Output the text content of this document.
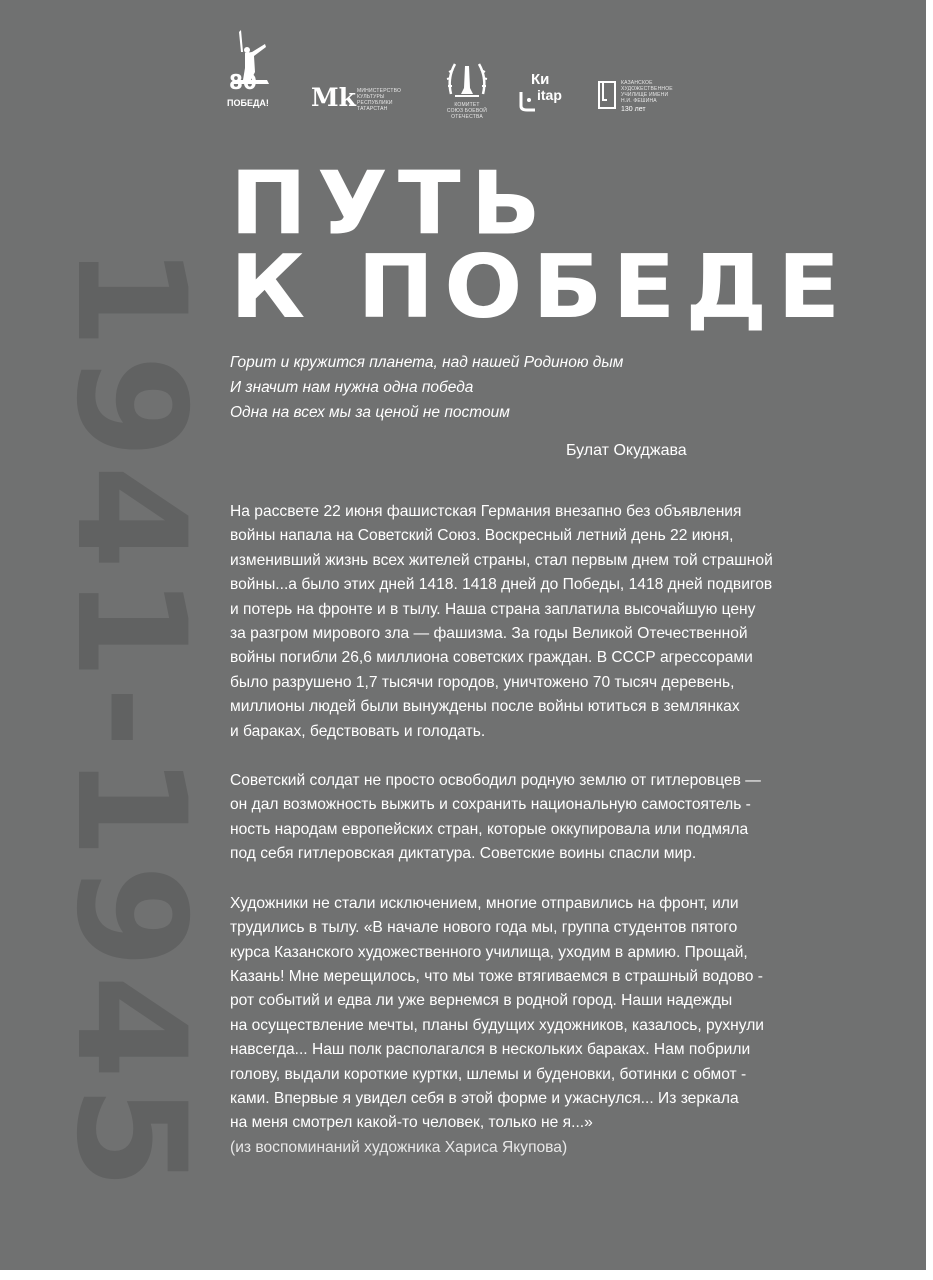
1941-1945
80
ПОБЕДА! Mk МИНИСТЕРСТВО
КУЛЬТУРЫ
РЕСПУБЛИКИ
ТАТАРСТАН
КОМИТЕТ
СОЮЗ БОЕВОЙ
ОТЕЧЕСТВА
Ки
itap
КАЗАНСКОЕ
ХУДОЖЕСТВЕННОЕ
УЧИЛИЩЕ ИМЕНИ
Н.И. ФЕШИНА
130 лет
ПУТЬ
К ПОБЕДЕ
Горит и кружится планета, над нашей Родиною дым
И значит нам нужна одна победа
Одна на всех мы за ценой не постоим
Булат Окуджава

На рассвете 22 июня фашистская Германия внезапно без объявления
войны напала на Советский Союз. Воскресный летний день 22 июня,
изменивший жизнь всех жителей страны, стал первым днем той страшной
войны...а было этих дней 1418. 1418 дней до Победы, 1418 дней подвигов
и потерь на фронте и в тылу. Наша страна заплатила высочайшую цену
за разгром мирового зла — фашизма. За годы Великой Отечественной
войны погибли 26,6 миллиона советских граждан. В СССР агрессорами
было разрушено 1,7 тысячи городов, уничтожено 70 тысяч деревень,
миллионы людей были вынуждены после войны ютиться в землянках
и бараках, бедствовать и голодать.

Советский солдат не просто освободил родную землю от гитлеровцев —
он дал возможность выжить и сохранить национальную самостоятель -
ность народам европейских стран, которые оккупировала или подмяла
под себя гитлеровская диктатура. Советские воины спасли мир.

Художники не стали исключением, многие отправились на фронт, или
трудились в тылу. «В начале нового года мы, группа студентов пятого
курса Казанского художественного училища, уходим в армию. Прощай,
Казань! Мне мерещилось, что мы тоже втягиваемся в страшный водово -
рот событий и едва ли уже вернемся в родной город. Наши надежды
на осуществление мечты, планы будущих художников, казалось, рухнули
навсегда... Наш полк располагался в нескольких бараках. Нам побрили
голову, выдали короткие куртки, шлемы и буденовки, ботинки с обмот -
ками. Впервые я увидел себя в этой форме и ужаснулся... Из зеркала
на меня смотрел какой-то человек, только не я...»
(из воспоминаний художника Хариса Якупова)
